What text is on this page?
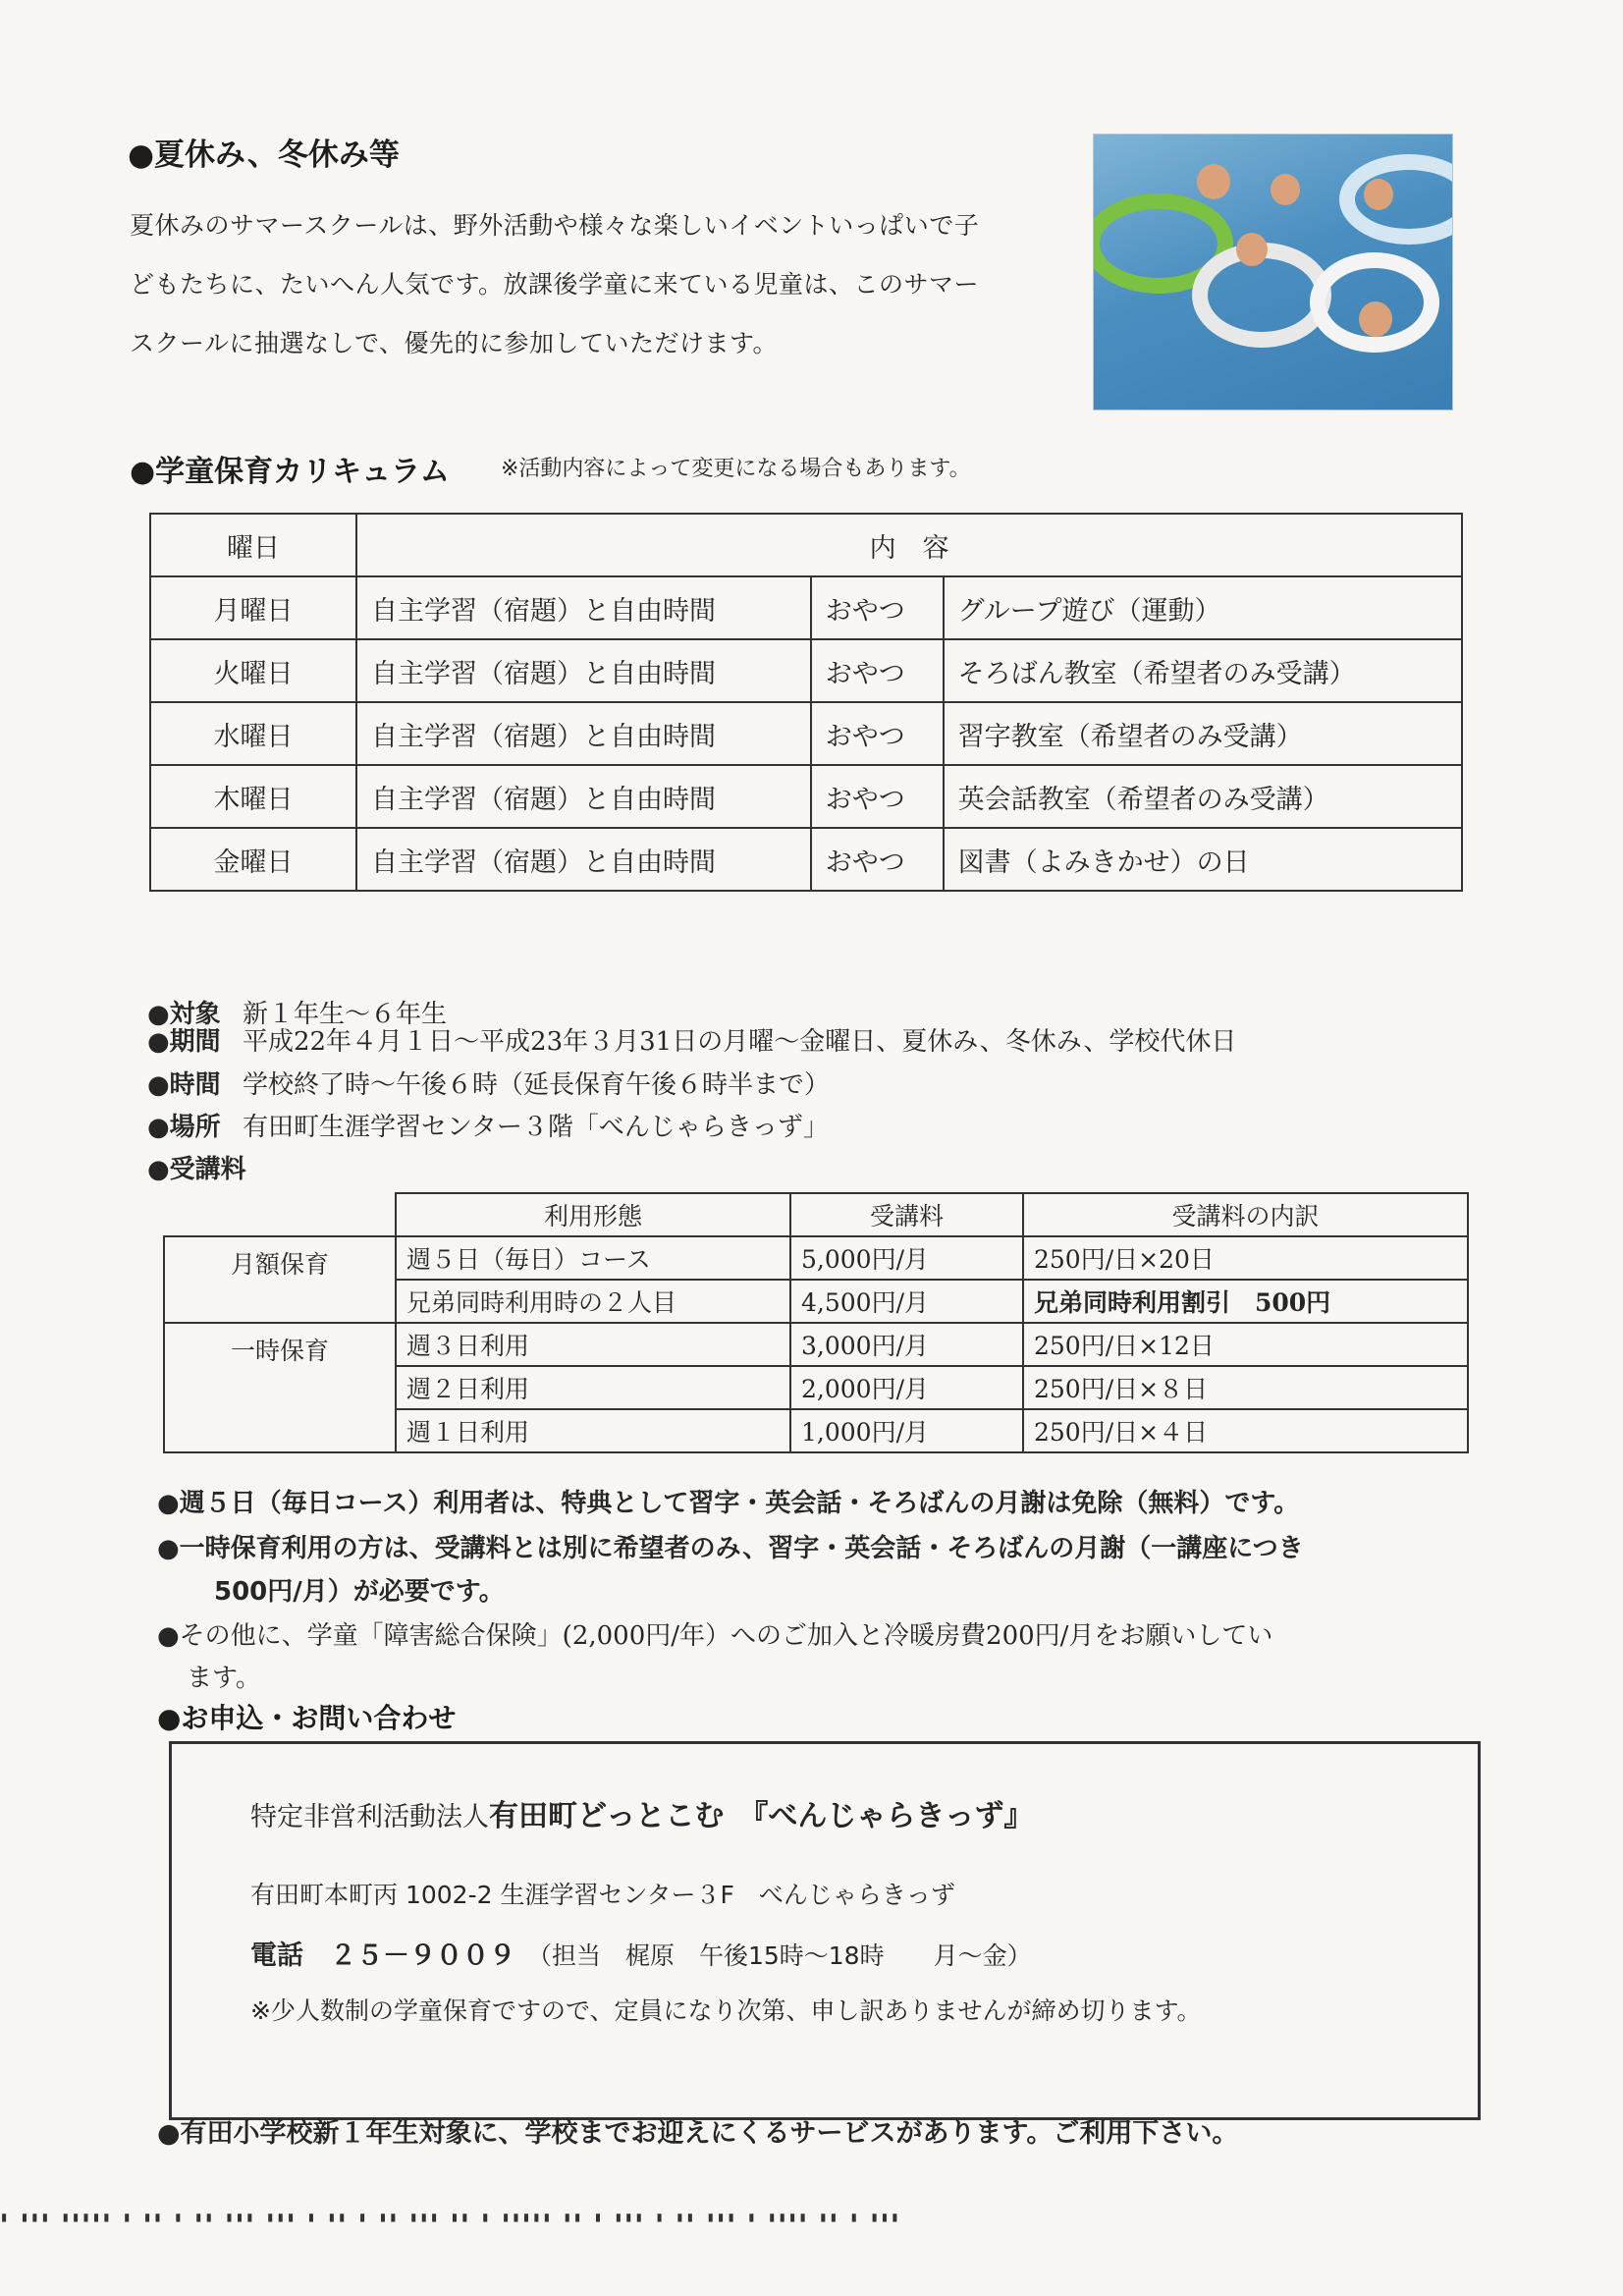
●夏休み、冬休み等
夏休みのサマースクールは、野外活動や様々な楽しいイベントいっぱいで子
どもたちに、たいへん人気です。放課後学童に来ている児童は、このサマー
スクールに抽選なしで、優先的に参加していただけます。
●学童保育カリキュラム ※活動内容によって変更になる場合もあります。
曜日	内　容		
月曜日	自主学習（宿題）と自由時間	おやつ	グループ遊び（運動）
火曜日	自主学習（宿題）と自由時間	おやつ	そろばん教室（希望者のみ受講）
水曜日	自主学習（宿題）と自由時間	おやつ	習字教室（希望者のみ受講）
木曜日	自主学習（宿題）と自由時間	おやつ	英会話教室（希望者のみ受講）
金曜日	自主学習（宿題）と自由時間	おやつ	図書（よみきかせ）の日
●対象 新１年生～６年生
●期間 平成22年４月１日～平成23年３月31日の月曜～金曜日、夏休み、冬休み、学校代休日
●時間 学校終了時～午後６時（延長保育午後６時半まで）
●場所 有田町生涯学習センター３階「べんじゃらきっず」
●受講料
	利用形態	受講料	受講料の内訳
月額保育	週５日（毎日）コース	5,000円/月	250円/日×20日
	兄弟同時利用時の２人目	4,500円/月	兄弟同時利用割引　500円
一時保育	週３日利用	3,000円/月	250円/日×12日
	週２日利用	2,000円/月	250円/日×８日
	週１日利用	1,000円/月	250円/日×４日
●週５日（毎日コース）利用者は、特典として習字・英会話・そろばんの月謝は免除（無料）です。
●一時保育利用の方は、受講料とは別に希望者のみ、習字・英会話・そろばんの月謝（一講座につき
500円/月）が必要です。
●その他に、学童「障害総合保険」(2,000円/年）へのご加入と冷暖房費200円/月をお願いしてい
ます。
●お申込・お問い合わせ
特定非営利活動法人有田町どっとこむ　『べんじゃらきっず』
有田町本町丙 1002-2 生涯学習センター３F　べんじゃらきっず
電話　２５－９００９ （担当　梶原　午後15時～18時　　月～金）
※少人数制の学童保育ですので、定員になり次第、申し訳ありませんが締め切ります。
●有田小学校新１年生対象に、学校までお迎えにくるサービスがあります。ご利用下さい。
▮ ▮▮▮ ▮▮▮▮▮ ▮ ▮▮ ▮ ▮▮ ▮▮▮ ▮▮▮ ▮ ▮▮ ▮ ▮▮ ▮▮▮ ▮▮ ▮ ▮▮▮▮▮ ▮▮ ▮ ▮▮▮ ▮ ▮▮ ▮▮▮ ▮ ▮▮▮▮ ▮▮ ▮ ▮▮▮
